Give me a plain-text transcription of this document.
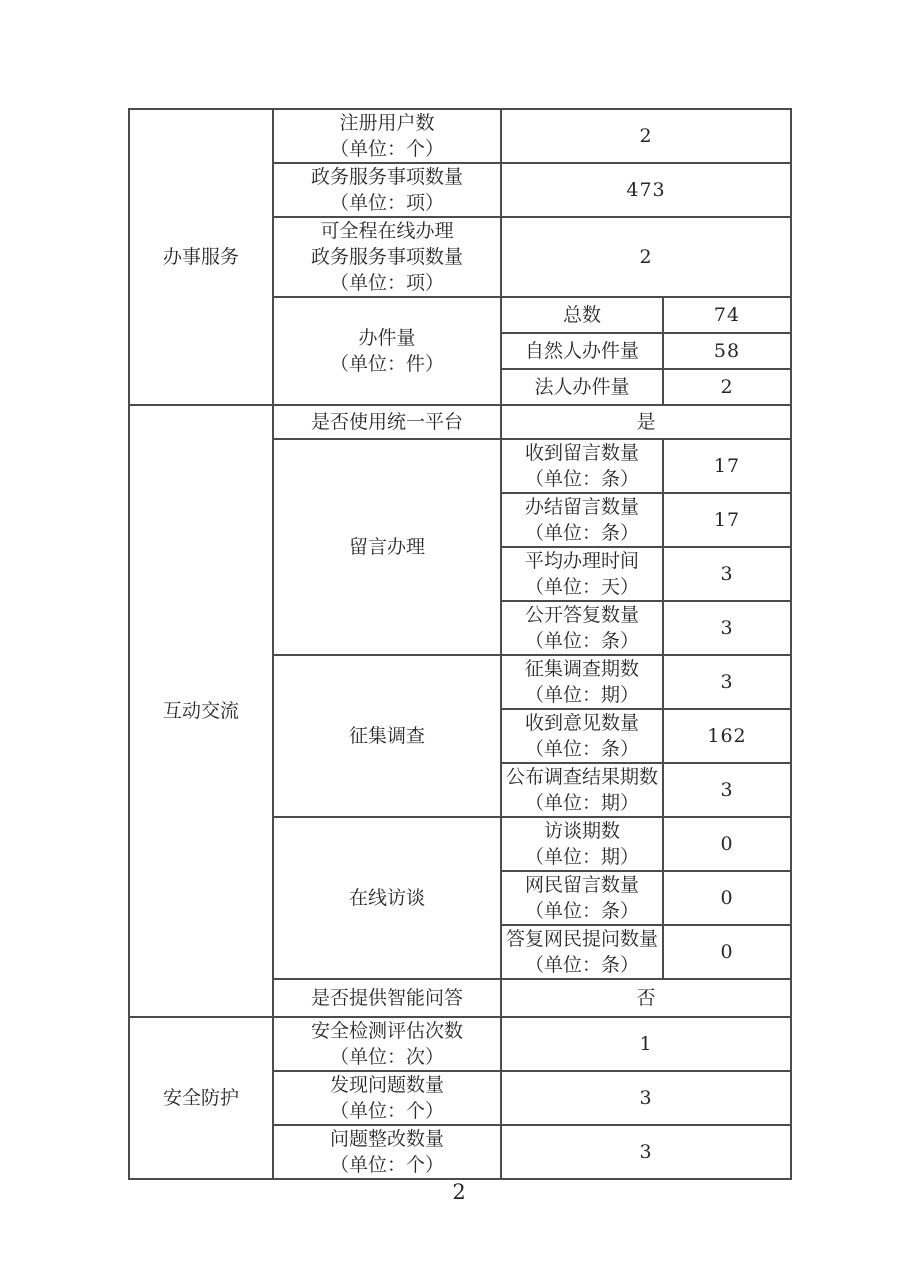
办事服务	注册用户数
（单位：个）	2	

	政务服务事项数量
（单位：项）	473	

	可全程在线办理
政务服务事项数量
（单位：项）	2	

	办件量
（单位：件）	总数	74
		自然人办件量	58
		法人办件量	2

互动交流	是否使用统一平台	是	
	留言办理	收到留言数量
（单位：条）	17

		办结留言数量
（单位：条）	17

		平均办理时间
（单位：天）	3

		公开答复数量
（单位：条）	3
	征集调查	征集调查期数
（单位：期）	3

		收到意见数量
（单位：条）	162

		公布调查结果期数
（单位：期）	3
	在线访谈	访谈期数
（单位：期）	0

		网民留言数量
（单位：条）	0

		答复网民提问数量
（单位：条）	0
	是否提供智能问答	否	

安全防护	安全检测评估次数
（单位：次）	1	

	发现问题数量
（单位：个）	3	

	问题整改数量
（单位：个）	3	
2
